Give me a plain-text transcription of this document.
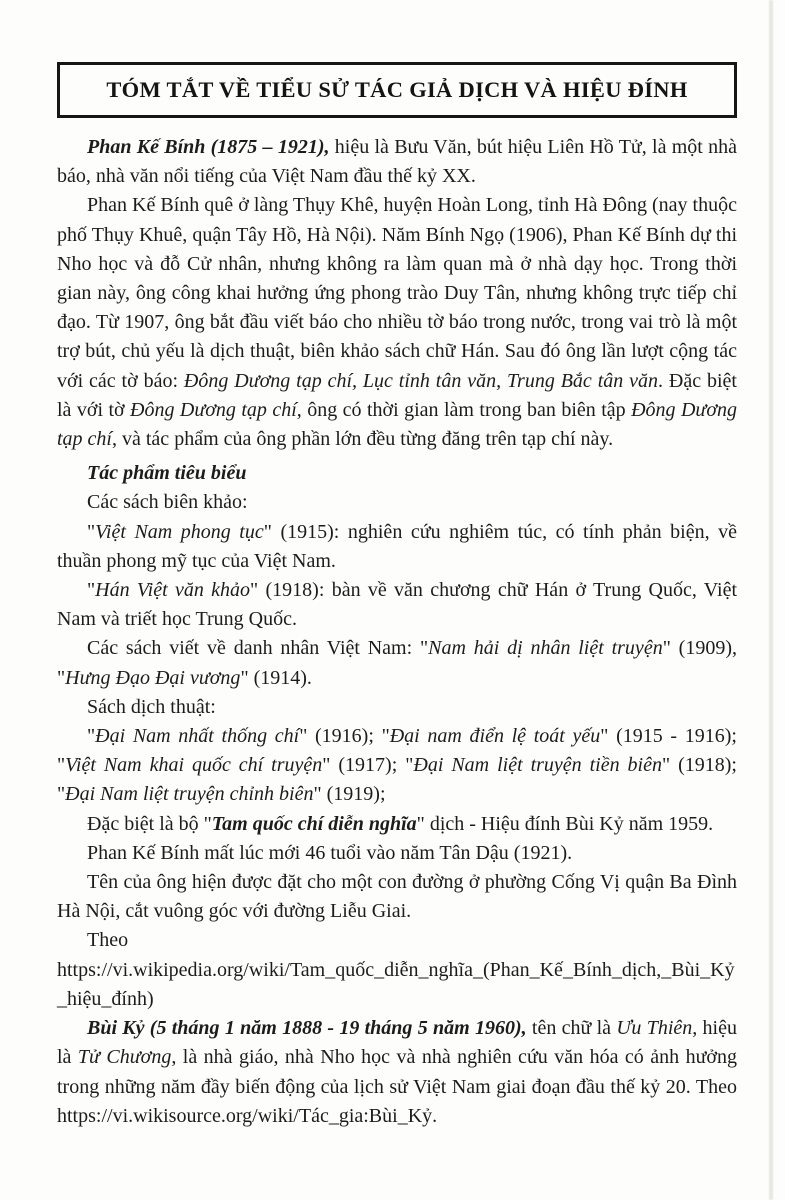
TÓM TẮT VỀ TIỂU SỬ TÁC GIẢ DỊCH VÀ HIỆU ĐÍNH

Phan Kế Bính (1875 – 1921), hiệu là Bưu Văn, bút hiệu Liên Hồ Tử, là một nhà báo, nhà văn nổi tiếng của Việt Nam đầu thế kỷ XX.

Phan Kế Bính quê ở làng Thụy Khê, huyện Hoàn Long, tỉnh Hà Đông (nay thuộc phố Thụy Khuê, quận Tây Hồ, Hà Nội). Năm Bính Ngọ (1906), Phan Kế Bính dự thi Nho học và đỗ Cử nhân, nhưng không ra làm quan mà ở nhà dạy học. Trong thời gian này, ông công khai hưởng ứng phong trào Duy Tân, nhưng không trực tiếp chỉ đạo. Từ 1907, ông bắt đầu viết báo cho nhiều tờ báo trong nước, trong vai trò là một trợ bút, chủ yếu là dịch thuật, biên khảo sách chữ Hán. Sau đó ông lần lượt cộng tác với các tờ báo: Đông Dương tạp chí, Lục tỉnh tân văn, Trung Bắc tân văn. Đặc biệt là với tờ Đông Dương tạp chí, ông có thời gian làm trong ban biên tập Đông Dương tạp chí, và tác phẩm của ông phần lớn đều từng đăng trên tạp chí này.

Tác phẩm tiêu biểu

Các sách biên khảo:

"Việt Nam phong tục" (1915): nghiên cứu nghiêm túc, có tính phản biện, về thuần phong mỹ tục của Việt Nam.

"Hán Việt văn khảo" (1918): bàn về văn chương chữ Hán ở Trung Quốc, Việt Nam và triết học Trung Quốc.

Các sách viết về danh nhân Việt Nam: "Nam hải dị nhân liệt truyện" (1909), "Hưng Đạo Đại vương" (1914).

Sách dịch thuật:

"Đại Nam nhất thống chí" (1916); "Đại nam điển lệ toát yếu" (1915 - 1916); "Việt Nam khai quốc chí truyện" (1917); "Đại Nam liệt truyện tiền biên" (1918); "Đại Nam liệt truyện chỉnh biên" (1919);

Đặc biệt là bộ "Tam quốc chí diễn nghĩa" dịch - Hiệu đính Bùi Kỷ năm 1959.

Phan Kế Bính mất lúc mới 46 tuổi vào năm Tân Dậu (1921).

Tên của ông hiện được đặt cho một con đường ở phường Cống Vị quận Ba Đình Hà Nội, cắt vuông góc với đường Liễu Giai.

Theo https://vi.wikipedia.org/wiki/Tam_quốc_diễn_nghĩa_(Phan_Kế_Bính_dịch,_Bùi_Kỷ_hiệu_đính)

Bùi Kỷ (5 tháng 1 năm 1888 - 19 tháng 5 năm 1960), tên chữ là Ưu Thiên, hiệu là Tử Chương, là nhà giáo, nhà Nho học và nhà nghiên cứu văn hóa có ảnh hưởng trong những năm đầy biến động của lịch sử Việt Nam giai đoạn đầu thế kỷ 20. Theo https://vi.wikisource.org/wiki/Tác_gia:Bùi_Kỷ.
